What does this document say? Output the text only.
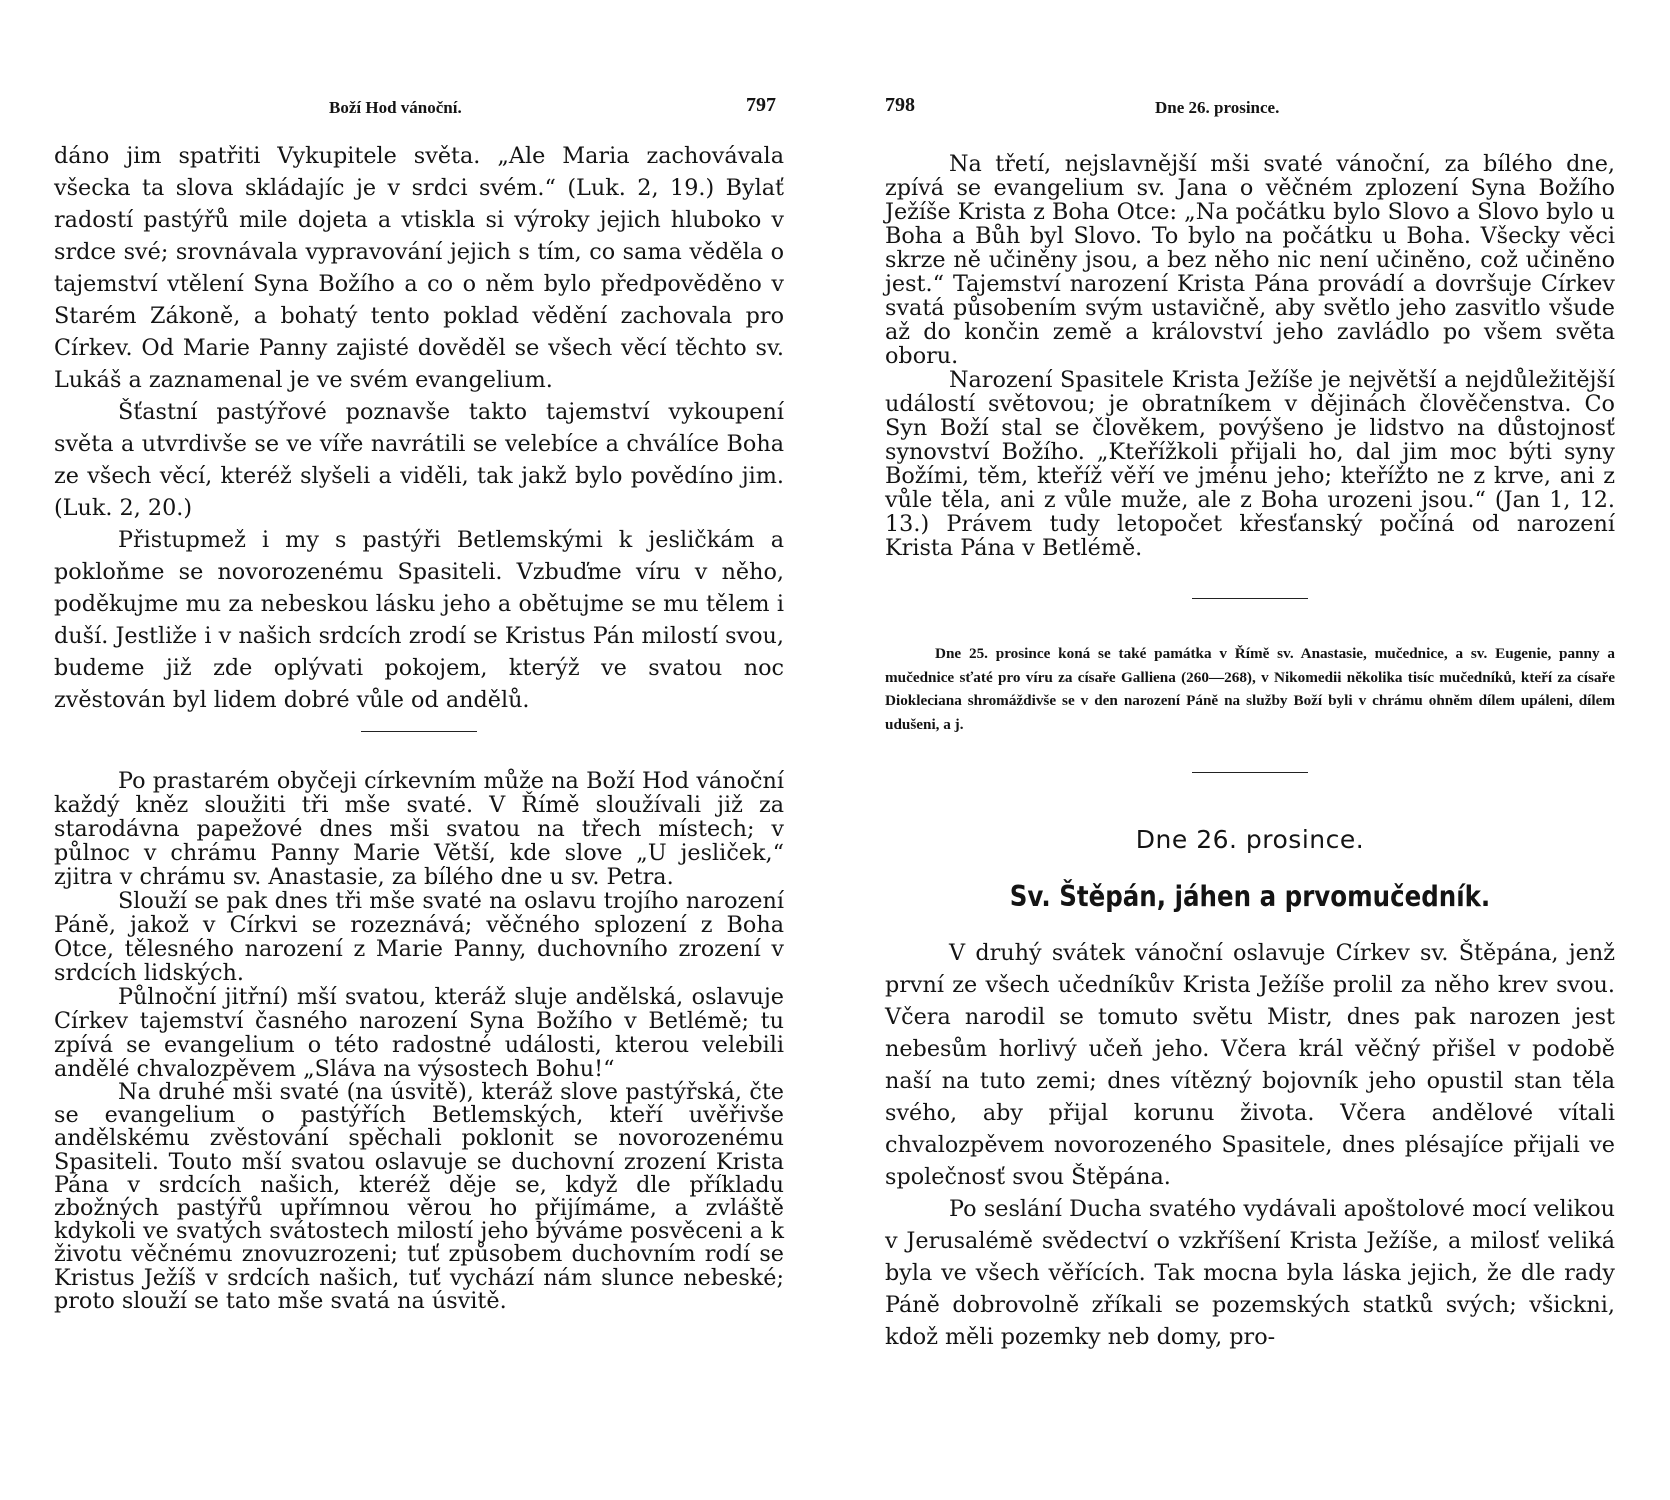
Boží Hod vánoční.	797

dáno jim spatřiti Vykupitele světa. „Ale Maria zachovávala všecka ta slova skládajíc je v srdci svém.“ (Luk. 2, 19.) Bylať radostí pastýřů mile dojeta a vtiskla si výroky jejich hluboko v srdce své; srovnávala vypravování jejich s tím, co sama věděla o tajemství vtělení Syna Božího a co o něm bylo předpověděno v Starém Zákoně, a bohatý tento poklad vědění zachovala pro Církev. Od Marie Panny zajisté dověděl se všech věcí těchto sv. Lukáš a zaznamenal je ve svém evangelium.

Šťastní pastýřové poznavše takto tajemství vykoupení světa a utvrdivše se ve víře navrátili se velebíce a chválíce Boha ze všech věcí, kteréž slyšeli a viděli, tak jakž bylo povědíno jim. (Luk. 2, 20.)

Přistupmež i my s pastýři Betlemskými k jesličkám a pokloňme se novorozenému Spasiteli. Vzbuďme víru v něho, poděkujme mu za nebeskou lásku jeho a obětujme se mu tělem i duší. Jestliže i v našich srdcích zrodí se Kristus Pán milostí svou, budeme již zde oplývati pokojem, kterýž ve svatou noc zvěstován byl lidem dobré vůle od andělů.

Po prastarém obyčeji církevním může na Boží Hod vánoční každý kněz sloužiti tři mše svaté. V Římě sloužívali již za starodávna papežové dnes mši svatou na třech místech; v půlnoc v chrámu Panny Marie Větší, kde slove „U jesliček,“ zjitra v chrámu sv. Anastasie, za bílého dne u sv. Petra.

Slouží se pak dnes tři mše svaté na oslavu trojího narození Páně, jakož v Církvi se rozeznává; věčného splození z Boha Otce, tělesného narození z Marie Panny, duchovního zrození v srdcích lidských.

Půlnoční jitřní) mší svatou, kteráž sluje andělská, oslavuje Církev tajemství časného narození Syna Božího v Betlémě; tu zpívá se evangelium o této radostné události, kterou velebili andělé chvalozpěvem „Sláva na výsostech Bohu!“

Na druhé mši svaté (na úsvitě), kteráž slove pastýřská, čte se evangelium o pastýřích Betlemských, kteří uvěřivše andělskému zvěstování spěchali poklonit se novorozenému Spasiteli. Touto mší svatou oslavuje se duchovní zrození Krista Pána v srdcích našich, kteréž děje se, když dle příkladu zbožných pastýřů upřímnou věrou ho přijímáme, a zvláště kdykoli ve svatých svátostech milostí jeho býváme posvěceni a k životu věčnému znovuzrozeni; tuť způsobem duchovním rodí se Kristus Ježíš v srdcích našich, tuť vychází nám slunce nebeské; proto slouží se tato mše svatá na úsvitě.

798	Dne 26. prosince.

Na třetí, nejslavnější mši svaté vánoční, za bílého dne, zpívá se evangelium sv. Jana o věčném zplození Syna Božího Ježíše Krista z Boha Otce: „Na počátku bylo Slovo a Slovo bylo u Boha a Bůh byl Slovo. To bylo na počátku u Boha. Všecky věci skrze ně učiněny jsou, a bez něho nic není učiněno, což učiněno jest.“ Tajemství narození Krista Pána provádí a dovršuje Církev svatá působením svým ustavičně, aby světlo jeho zasvitlo všude až do končin země a království jeho zavládlo po všem světa oboru.

Narození Spasitele Krista Ježíše je největší a nejdůležitější událostí světovou; je obratníkem v dějinách člověčenstva. Co Syn Boží stal se člověkem, povýšeno je lidstvo na důstojnosť synovství Božího. „Kteřížkoli přijali ho, dal jim moc býti syny Božími, těm, kteříž věří ve jménu jeho; kteřížto ne z krve, ani z vůle těla, ani z vůle muže, ale z Boha urozeni jsou.“ (Jan 1, 12. 13.) Právem tudy letopočet křesťanský počíná od narození Krista Pána v Betlémě.

Dne 25. prosince koná se také památka v Římě sv. Anastasie, mučednice, a sv. Eugenie, panny a mučednice sťaté pro víru za císaře Galliena (260—268), v Nikomedii několika tisíc mučedníků, kteří za císaře Diokleciana shromáždivše se v den narození Páně na služby Boží byli v chrámu ohněm dílem upáleni, dílem udušeni, a j.

Dne 26. prosince.
Sv. Štěpán, jáhen a prvomučedník.

V druhý svátek vánoční oslavuje Církev sv. Štěpána, jenž první ze všech učedníkův Krista Ježíše prolil za něho krev svou. Včera narodil se tomuto světu Mistr, dnes pak narozen jest nebesům horlivý učeň jeho. Včera král věčný přišel v podobě naší na tuto zemi; dnes vítězný bojovník jeho opustil stan těla svého, aby přijal korunu života. Včera andělové vítali chvalozpěvem novorozeného Spasitele, dnes plésajíce přijali ve společnosť svou Štěpána.

Po seslání Ducha svatého vydávali apoštolové mocí velikou v Jerusalémě svědectví o vzkříšení Krista Ježíše, a milosť veliká byla ve všech věřících. Tak mocna byla láska jejich, že dle rady Páně dobrovolně zříkali se pozemských statků svých; všickni, kdož měli pozemky neb domy, pro-
